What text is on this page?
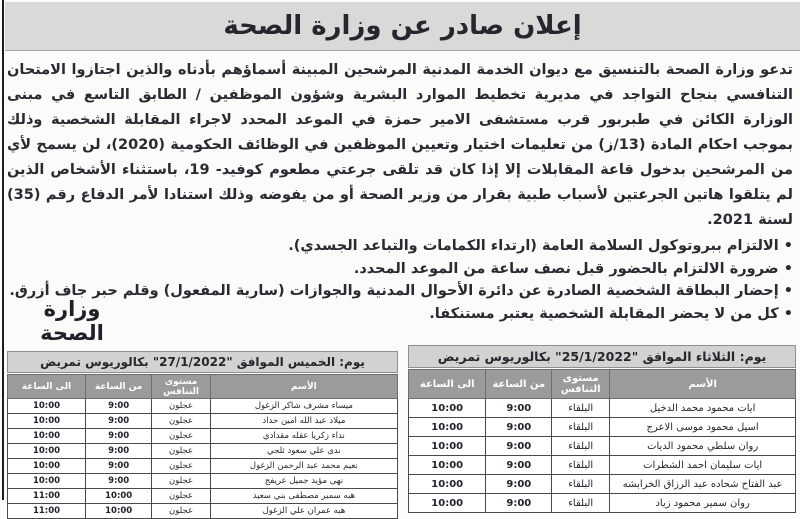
إعلان صادر عن وزارة الصحة

تدعو وزارة الصحة بالتنسيق مع ديوان الخدمة المدنية المرشحين المبينة أسماؤهم بأدناه والذين اجتازوا الامتحان التنافسي بنجاح التواجد في مديرية تخطيط الموارد البشرية وشؤون الموظفين / الطابق التاسع في مبنى الوزارة الكائن في طبربور قرب مستشفى الامير حمزة في الموعد المحدد لاجراء المقابلة الشخصية وذلك بموجب احكام المادة (13/ز) من تعليمات اختيار وتعيين الموظفين في الوظائف الحكومية (2020)، لن يسمح لأي من المرشحين بدخول قاعة المقابلات إلا إذا كان قد تلقى جرعتي مطعوم كوفيد- 19، باستثناء الأشخاص الذين لم يتلقوا هاتين الجرعتين لأسباب طبية بقرار من وزير الصحة أو من يفوضه وذلك استنادا لأمر الدفاع رقم (35) لسنة 2021.

• الالتزام ببروتوكول السلامة العامة (ارتداء الكمامات والتباعد الجسدي).
• ضرورة الالتزام بالحضور قبل نصف ساعة من الموعد المحدد.
• إحضار البطاقة الشخصية الصادرة عن دائرة الأحوال المدنية والجوازات (سارية المفعول) وقلم حبر جاف أزرق.
• كل من لا يحضر المقابلة الشخصية يعتبر مستنكفا.
وزارة الصحة
يوم: الثلاثاء الموافق "25/1/2022" بكالوريوس تمريض
الأسم	مستوى التنافس	من الساعة	الى الساعة
ايات محمود محمد الدخيل	البلقاء	9:00	10:00
اسيل محمود موسى الاعرج	البلقاء	9:00	10:00
روان سلطي محمود الديات	البلقاء	9:00	10:00
ايات سليمان احمد الشطرات	البلقاء	9:00	10:00
عبد الفتاح شحاده عبد الرزاق الخرابشه	البلقاء	9:00	10:00
روان سمير محمود زياد	البلقاء	9:00	10:00
يوم: الخميس الموافق "27/1/2022" بكالوريوس تمريض
الأسم	مستوى التنافس	من الساعة	الى الساعة
ميساء مشرف شاكر الزغول	عجلون	9:00	10:00
ميلاد عبد الله امين حداد	عجلون	9:00	10:00
نداء زكريا عقله مقدادي	عجلون	9:00	10:00
ندى علي سعود ثلجي	عجلون	9:00	10:00
نعيم محمد عبد الرحمن الزغول	عجلون	9:00	10:00
نهى مؤيد جميل عريفج	عجلون	9:00	10:00
هبه سمير مصطفى بني سعيد	عجلون	10:00	11:00
هبه عمران علي الزغول	عجلون	10:00	11:00
